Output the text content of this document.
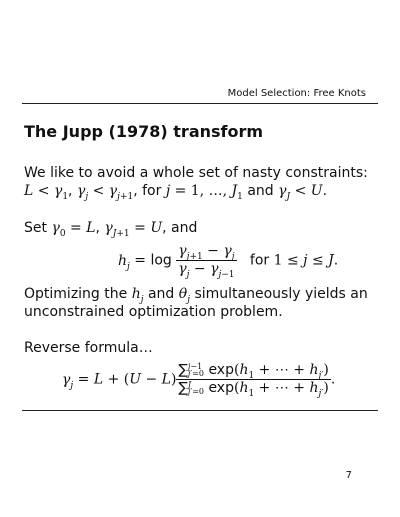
Model Selection: Free Knots
The Jupp (1978) transform
We like to avoid a whole set of nasty constraints:
$L < \gamma_1$, $\gamma_j < \gamma_{j+1}$, for j = 1, …, $J_1$ and $\gamma_J < U$.
Set $\gamma_0 = L$, $\gamma_{J+1} = U$, and
$h_j = \log \frac{\gamma_{j+1} - \gamma_j}{\gamma_j - \gamma_{j-1}}$ for 1 ≤ j ≤ J.
Optimizing the $h_j$ and $\theta_j$ simultaneously yields an
unconstrained optimization problem.
Reverse formula…
$\gamma_j = L + (U - L)$
∑j−1
j′=0 $\exp(h_1$ + ⋯ + $h_{j'}$)
∑J
j′=0 $\exp(h_1$ + ⋯ + $h_{j'}$)
.
7
